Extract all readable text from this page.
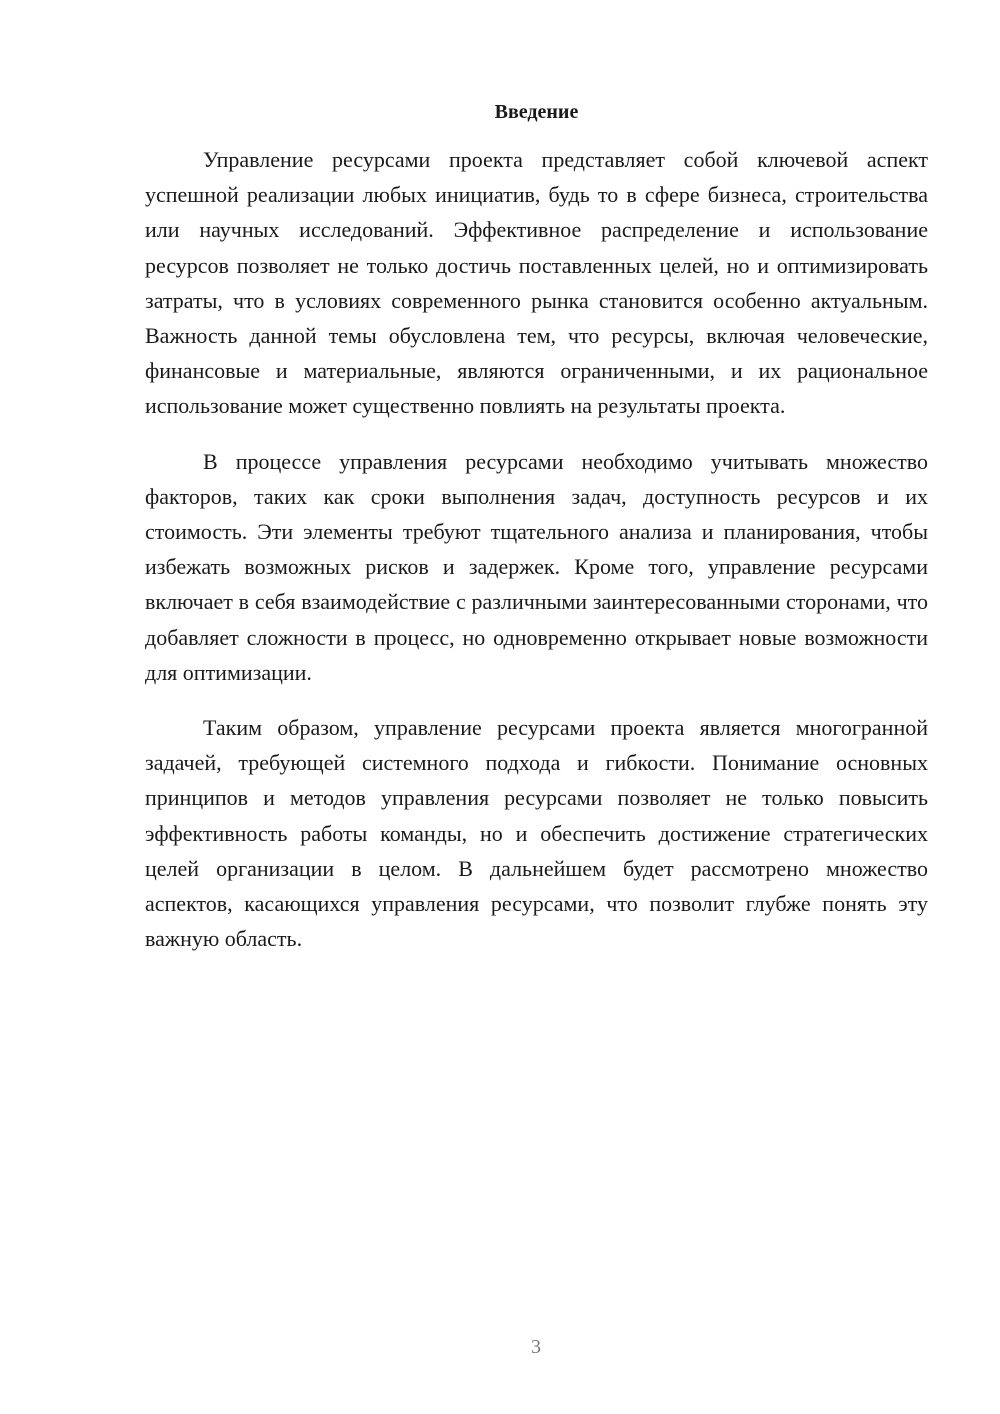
Введение

Управление ресурсами проекта представляет собой ключевой аспект успешной реализации любых инициатив, будь то в сфере бизнеса, строительства или научных исследований. Эффективное распределение и использование ресурсов позволяет не только достичь поставленных целей, но и оптимизировать затраты, что в условиях современного рынка становится особенно актуальным. Важность данной темы обусловлена тем, что ресурсы, включая человеческие, финансовые и материальные, являются ограниченными, и их рациональное использование может существенно повлиять на результаты проекта.

В процессе управления ресурсами необходимо учитывать множество факторов, таких как сроки выполнения задач, доступность ресурсов и их стоимость. Эти элементы требуют тщательного анализа и планирования, чтобы избежать возможных рисков и задержек. Кроме того, управление ресурсами включает в себя взаимодействие с различными заинтересованными сторонами, что добавляет сложности в процесс, но одновременно открывает новые возможности для оптимизации.

Таким образом, управление ресурсами проекта является многогранной задачей, требующей системного подхода и гибкости. Понимание основных принципов и методов управления ресурсами позволяет не только повысить эффективность работы команды, но и обеспечить достижение стратегических целей организации в целом. В дальнейшем будет рассмотрено множество аспектов, касающихся управления ресурсами, что позволит глубже понять эту важную область.

3
